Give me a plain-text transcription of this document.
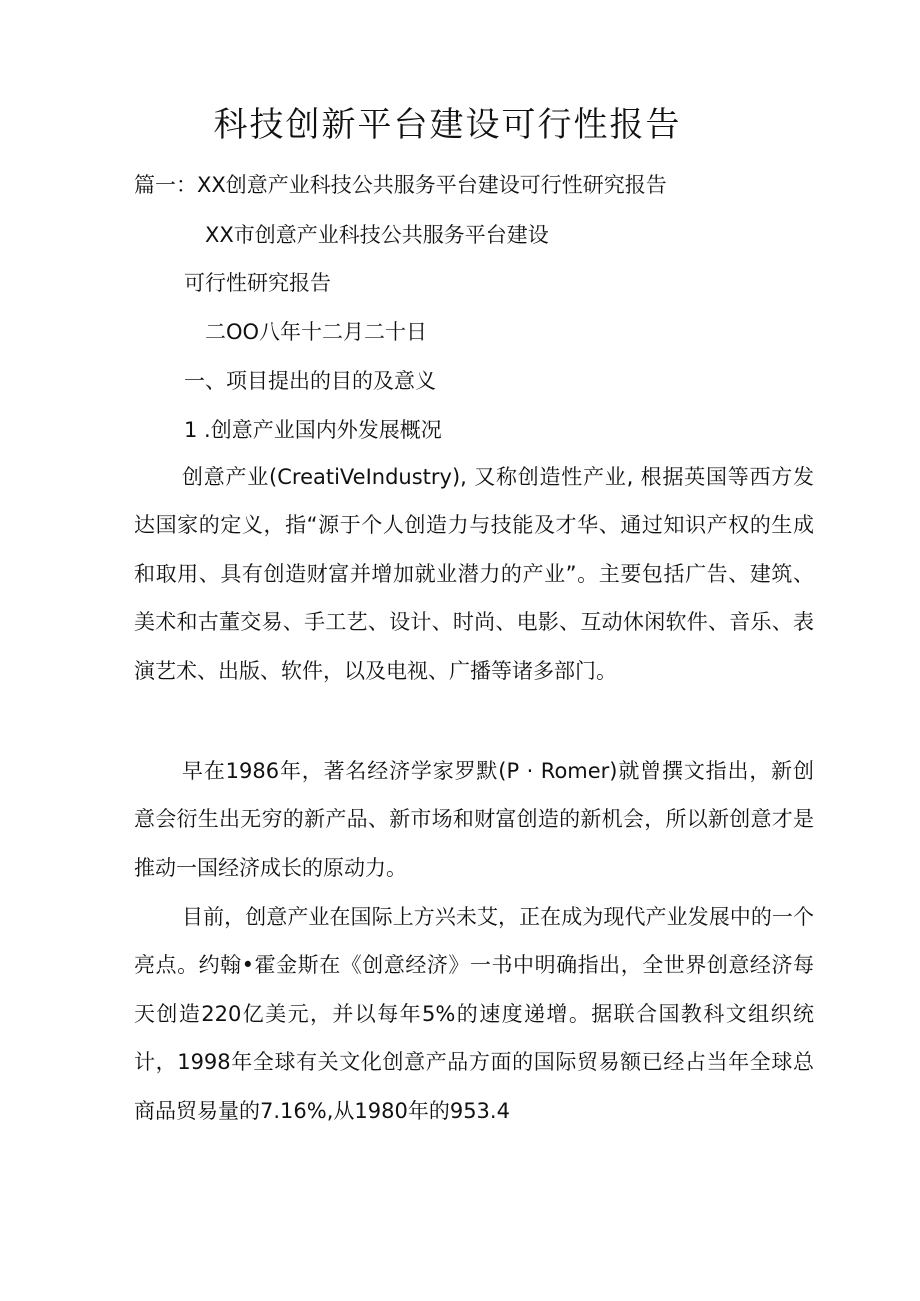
科技创新平台建设可行性报告
篇一：XX创意产业科技公共服务平台建设可行性研究报告
XX市创意产业科技公共服务平台建设
可行性研究报告
二OO八年十二月二十日
一、项目提出的目的及意义
1 .创意产业国内外发展概况

创意产业(CreatiVeIndustry), 又称创造性产业, 根据英国等西方发达国家的定义，指“源于个人创造力与技能及才华、通过知识产权的生成和取用、具有创造财富并增加就业潜力的产业”。主要包括广告、建筑、美术和古董交易、手工艺、设计、时尚、电影、互动休闲软件、音乐、表演艺术、出版、软件，以及电视、广播等诸多部门。

早在1986年，著名经济学家罗默(P · Romer)就曾撰文指出，新创意会衍生出无穷的新产品、新市场和财富创造的新机会，所以新创意才是推动一国经济成长的原动力。

目前，创意产业在国际上方兴未艾，正在成为现代产业发展中的一个亮点。约翰•霍金斯在《创意经济》一书中明确指出，全世界创意经济每天创造220亿美元，并以每年5%的速度递增。据联合国教科文组织统计，1998年全球有关文化创意产品方面的国际贸易额已经占当年全球总商品贸易量的7.16%,从1980年的953.4
